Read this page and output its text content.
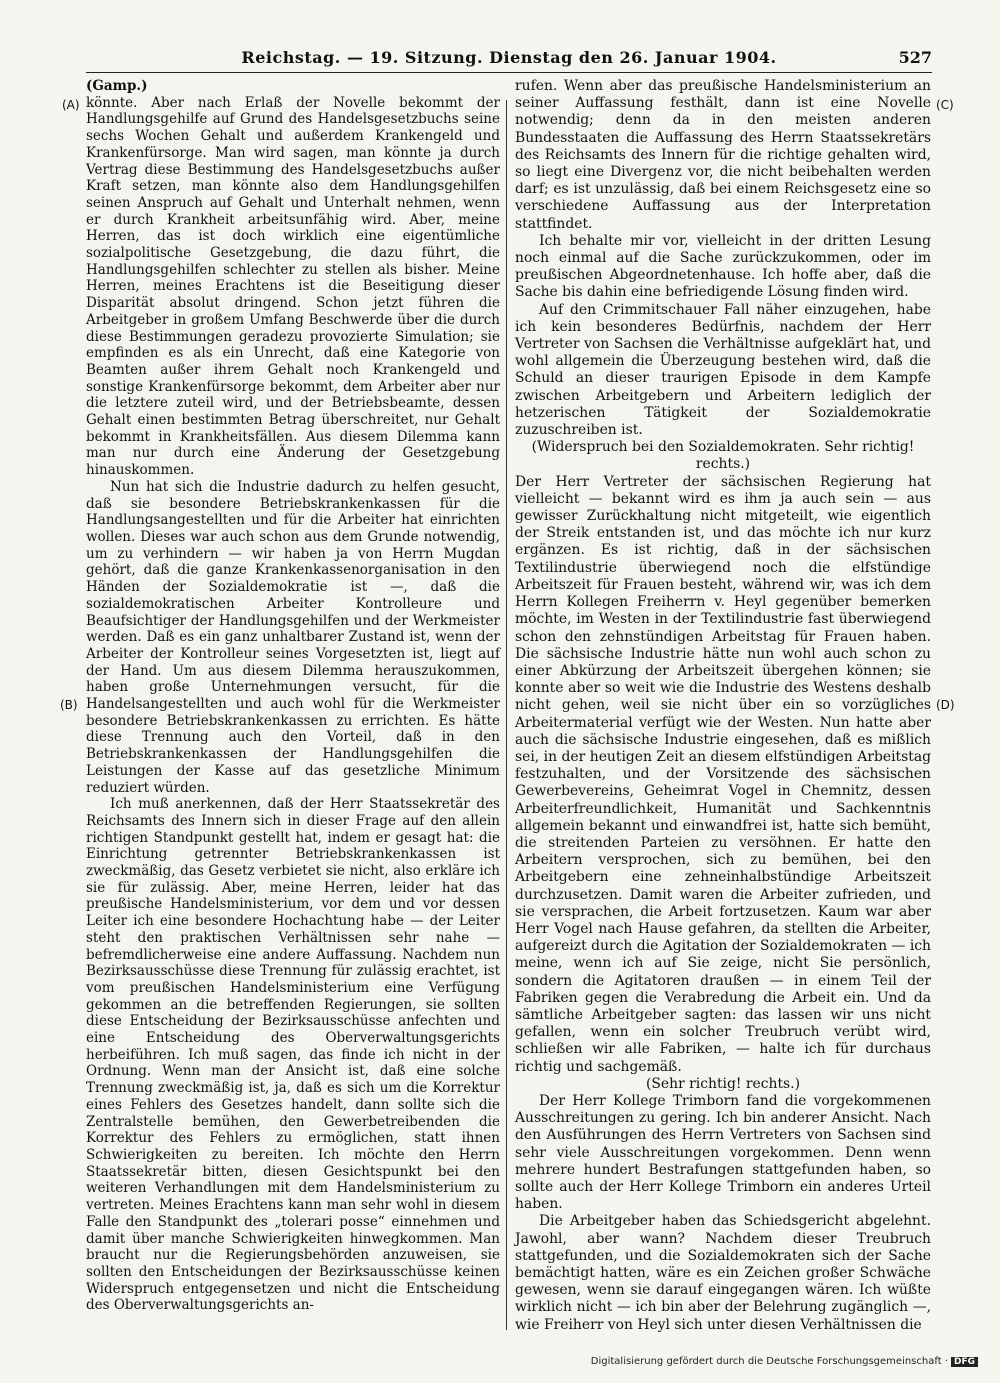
Reichstag. — 19. Sitzung. Dienstag den 26. Januar 1904.	527
(A)
(B)
(C)
(D)

(Gamp.)

könnte. Aber nach Erlaß der Novelle bekommt der Handlungsgehilfe auf Grund des Handelsgesetzbuchs seine sechs Wochen Gehalt und außerdem Krankengeld und Krankenfürsorge. Man wird sagen, man könnte ja durch Vertrag diese Bestimmung des Handelsgesetzbuchs außer Kraft setzen, man könnte also dem Handlungsgehilfen seinen Anspruch auf Gehalt und Unterhalt nehmen, wenn er durch Krankheit arbeitsunfähig wird. Aber, meine Herren, das ist doch wirklich eine eigentümliche sozialpolitische Gesetzgebung, die dazu führt, die Handlungsgehilfen schlechter zu stellen als bisher. Meine Herren, meines Erachtens ist die Beseitigung dieser Disparität absolut dringend. Schon jetzt führen die Arbeitgeber in großem Umfang Beschwerde über die durch diese Bestimmungen geradezu provozierte Simulation; sie empfinden es als ein Unrecht, daß eine Kategorie von Beamten außer ihrem Gehalt noch Krankengeld und sonstige Krankenfürsorge bekommt, dem Arbeiter aber nur die letztere zuteil wird, und der Betriebsbeamte, dessen Gehalt einen bestimmten Betrag überschreitet, nur Gehalt bekommt in Krankheitsfällen. Aus diesem Dilemma kann man nur durch eine Änderung der Gesetzgebung hinauskommen.

Nun hat sich die Industrie dadurch zu helfen gesucht, daß sie besondere Betriebskrankenkassen für die Handlungsangestellten und für die Arbeiter hat einrichten wollen. Dieses war auch schon aus dem Grunde notwendig, um zu verhindern — wir haben ja von Herrn Mugdan gehört, daß die ganze Krankenkassenorganisation in den Händen der Sozialdemokratie ist —, daß die sozialdemokratischen Arbeiter Kontrolleure und Beaufsichtiger der Handlungsgehilfen und der Werkmeister werden. Daß es ein ganz unhaltbarer Zustand ist, wenn der Arbeiter der Kontrolleur seines Vorgesetzten ist, liegt auf der Hand. Um aus diesem Dilemma herauszukommen, haben große Unternehmungen versucht, für die Handelsangestellten und auch wohl für die Werkmeister besondere Betriebskrankenkassen zu errichten. Es hätte diese Trennung auch den Vorteil, daß in den Betriebskrankenkassen der Handlungsgehilfen die Leistungen der Kasse auf das gesetzliche Minimum reduziert würden.

Ich muß anerkennen, daß der Herr Staatssekretär des Reichsamts des Innern sich in dieser Frage auf den allein richtigen Standpunkt gestellt hat, indem er gesagt hat: die Einrichtung getrennter Betriebskrankenkassen ist zweckmäßig, das Gesetz verbietet sie nicht, also erkläre ich sie für zulässig. Aber, meine Herren, leider hat das preußische Handelsministerium, vor dem und vor dessen Leiter ich eine besondere Hochachtung habe — der Leiter steht den praktischen Verhältnissen sehr nahe — befremdlicherweise eine andere Auffassung. Nachdem nun Bezirksausschüsse diese Trennung für zulässig erachtet, ist vom preußischen Handelsministerium eine Verfügung gekommen an die betreffenden Regierungen, sie sollten diese Entscheidung der Bezirksausschüsse anfechten und eine Entscheidung des Oberverwaltungsgerichts herbeiführen. Ich muß sagen, das finde ich nicht in der Ordnung. Wenn man der Ansicht ist, daß eine solche Trennung zweckmäßig ist, ja, daß es sich um die Korrektur eines Fehlers des Gesetzes handelt, dann sollte sich die Zentralstelle bemühen, den Gewerbetreibenden die Korrektur des Fehlers zu ermöglichen, statt ihnen Schwierigkeiten zu bereiten. Ich möchte den Herrn Staatssekretär bitten, diesen Gesichtspunkt bei den weiteren Verhandlungen mit dem Handelsministerium zu vertreten. Meines Erachtens kann man sehr wohl in diesem Falle den Standpunkt des „tolerari posse“ einnehmen und damit über manche Schwierigkeiten hinwegkommen. Man braucht nur die Regierungsbehörden anzuweisen, sie sollten den Entscheidungen der Bezirksausschüsse keinen Widerspruch entgegensetzen und nicht die Entscheidung des Oberverwaltungsgerichts an-

rufen. Wenn aber das preußische Handelsministerium an seiner Auffassung festhält, dann ist eine Novelle notwendig; denn da in den meisten anderen Bundesstaaten die Auffassung des Herrn Staatssekretärs des Reichsamts des Innern für die richtige gehalten wird, so liegt eine Divergenz vor, die nicht beibehalten werden darf; es ist unzulässig, daß bei einem Reichsgesetz eine so verschiedene Auffassung aus der Interpretation stattfindet.

Ich behalte mir vor, vielleicht in der dritten Lesung noch einmal auf die Sache zurückzukommen, oder im preußischen Abgeordnetenhause. Ich hoffe aber, daß die Sache bis dahin eine befriedigende Lösung finden wird.

Auf den Crimmitschauer Fall näher einzugehen, habe ich kein besonderes Bedürfnis, nachdem der Herr Vertreter von Sachsen die Verhältnisse aufgeklärt hat, und wohl allgemein die Überzeugung bestehen wird, daß die Schuld an dieser traurigen Episode in dem Kampfe zwischen Arbeitgebern und Arbeitern lediglich der hetzerischen Tätigkeit der Sozialdemokratie zuzuschreiben ist.

(Widerspruch bei den Sozialdemokraten. Sehr richtig! rechts.)

Der Herr Vertreter der sächsischen Regierung hat vielleicht — bekannt wird es ihm ja auch sein — aus gewisser Zurückhaltung nicht mitgeteilt, wie eigentlich der Streik entstanden ist, und das möchte ich nur kurz ergänzen. Es ist richtig, daß in der sächsischen Textilindustrie überwiegend noch die elfstündige Arbeitszeit für Frauen besteht, während wir, was ich dem Herrn Kollegen Freiherrn v. Heyl gegenüber bemerken möchte, im Westen in der Textilindustrie fast überwiegend schon den zehnstündigen Arbeitstag für Frauen haben. Die sächsische Industrie hätte nun wohl auch schon zu einer Abkürzung der Arbeitszeit übergehen können; sie konnte aber so weit wie die Industrie des Westens deshalb nicht gehen, weil sie nicht über ein so vorzügliches Arbeitermaterial verfügt wie der Westen. Nun hatte aber auch die sächsische Industrie eingesehen, daß es mißlich sei, in der heutigen Zeit an diesem elfstündigen Arbeitstag festzuhalten, und der Vorsitzende des sächsischen Gewerbevereins, Geheimrat Vogel in Chemnitz, dessen Arbeiterfreundlichkeit, Humanität und Sachkenntnis allgemein bekannt und einwandfrei ist, hatte sich bemüht, die streitenden Parteien zu versöhnen. Er hatte den Arbeitern versprochen, sich zu bemühen, bei den Arbeitgebern eine zehneinhalbstündige Arbeitszeit durchzusetzen. Damit waren die Arbeiter zufrieden, und sie versprachen, die Arbeit fortzusetzen. Kaum war aber Herr Vogel nach Hause gefahren, da stellten die Arbeiter, aufgereizt durch die Agitation der Sozialdemokraten — ich meine, wenn ich auf Sie zeige, nicht Sie persönlich, sondern die Agitatoren draußen — in einem Teil der Fabriken gegen die Verabredung die Arbeit ein. Und da sämtliche Arbeitgeber sagten: das lassen wir uns nicht gefallen, wenn ein solcher Treubruch verübt wird, schließen wir alle Fabriken, — halte ich für durchaus richtig und sachgemäß.

(Sehr richtig! rechts.)

Der Herr Kollege Trimborn fand die vorgekommenen Ausschreitungen zu gering. Ich bin anderer Ansicht. Nach den Ausführungen des Herrn Vertreters von Sachsen sind sehr viele Ausschreitungen vorgekommen. Denn wenn mehrere hundert Bestrafungen stattgefunden haben, so sollte auch der Herr Kollege Trimborn ein anderes Urteil haben.

Die Arbeitgeber haben das Schiedsgericht abgelehnt. Jawohl, aber wann? Nachdem dieser Treubruch stattgefunden, und die Sozialdemokraten sich der Sache bemächtigt hatten, wäre es ein Zeichen großer Schwäche gewesen, wenn sie darauf eingegangen wären. Ich wüßte wirklich nicht — ich bin aber der Belehrung zugänglich —, wie Freiherr von Heyl sich unter diesen Verhältnissen die

Digitalisierung gefördert durch die Deutsche Forschungsgemeinschaft · DFG
